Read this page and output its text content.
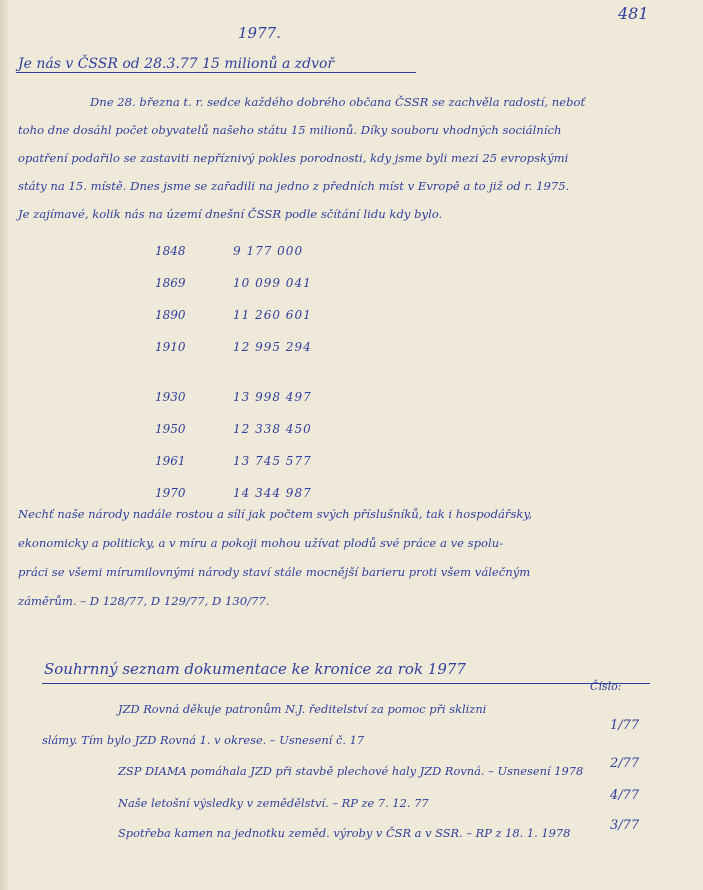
481
1977.
Je nás v ČSSR od 28.3.77 15 milionů a zdvoř
Dne 28. března t. r. sedce každého dobrého občana ČSSR se zachvěla radostí, neboť
toho dne dosáhl počet obyvatelů našeho státu 15 milionů. Díky souboru vhodných sociálních
opatření podařilo se zastaviti nepříznivý pokles porodnosti, kdy jsme byli mezi 25 evropskými
státy na 15. místě. Dnes jsme se zařadili na jedno z předních míst v Evropě a to již od r. 1975.
Je zajímavé, kolik nás na území dnešní ČSSR podle sčítání lidu kdy bylo.
1848	9 177 000
1869	10 099 041
1890	11 260 601
1910	12 995 294
1930	13 998 497
1950	12 338 450
1961	13 745 577
1970	14 344 987
Nechť naše národy nadále rostou a sílí jak počtem svých příslušníků, tak i hospodářsky,
ekonomicky a politicky, a v míru a pokoji mohou užívat plodů své práce a ve spolu-
práci se všemi mírumilovnými národy staví stále mocnější barieru proti všem válečným
záměrům. – D 128/77, D 129/77, D 130/77.
Souhrnný seznam dokumentace ke kronice za rok 1977
Číslo:
JZD Rovná děkuje patronům N.J. ředitelství za pomoc při sklizni
slámy. Tím bylo JZD Rovná 1. v okrese. – Usnesení č. 17
1/77
ZSP DIAMA pomáhala JZD při stavbě plechové haly JZD Rovná. – Usnesení 1978 2/77
Naše letošní výsledky v zemědělství. – RP ze 7. 12. 77	4/77
Spotřeba kamen na jednotku zeměd. výroby v ČSR a v SSR. – RP z 18. 1. 1978	3/77
